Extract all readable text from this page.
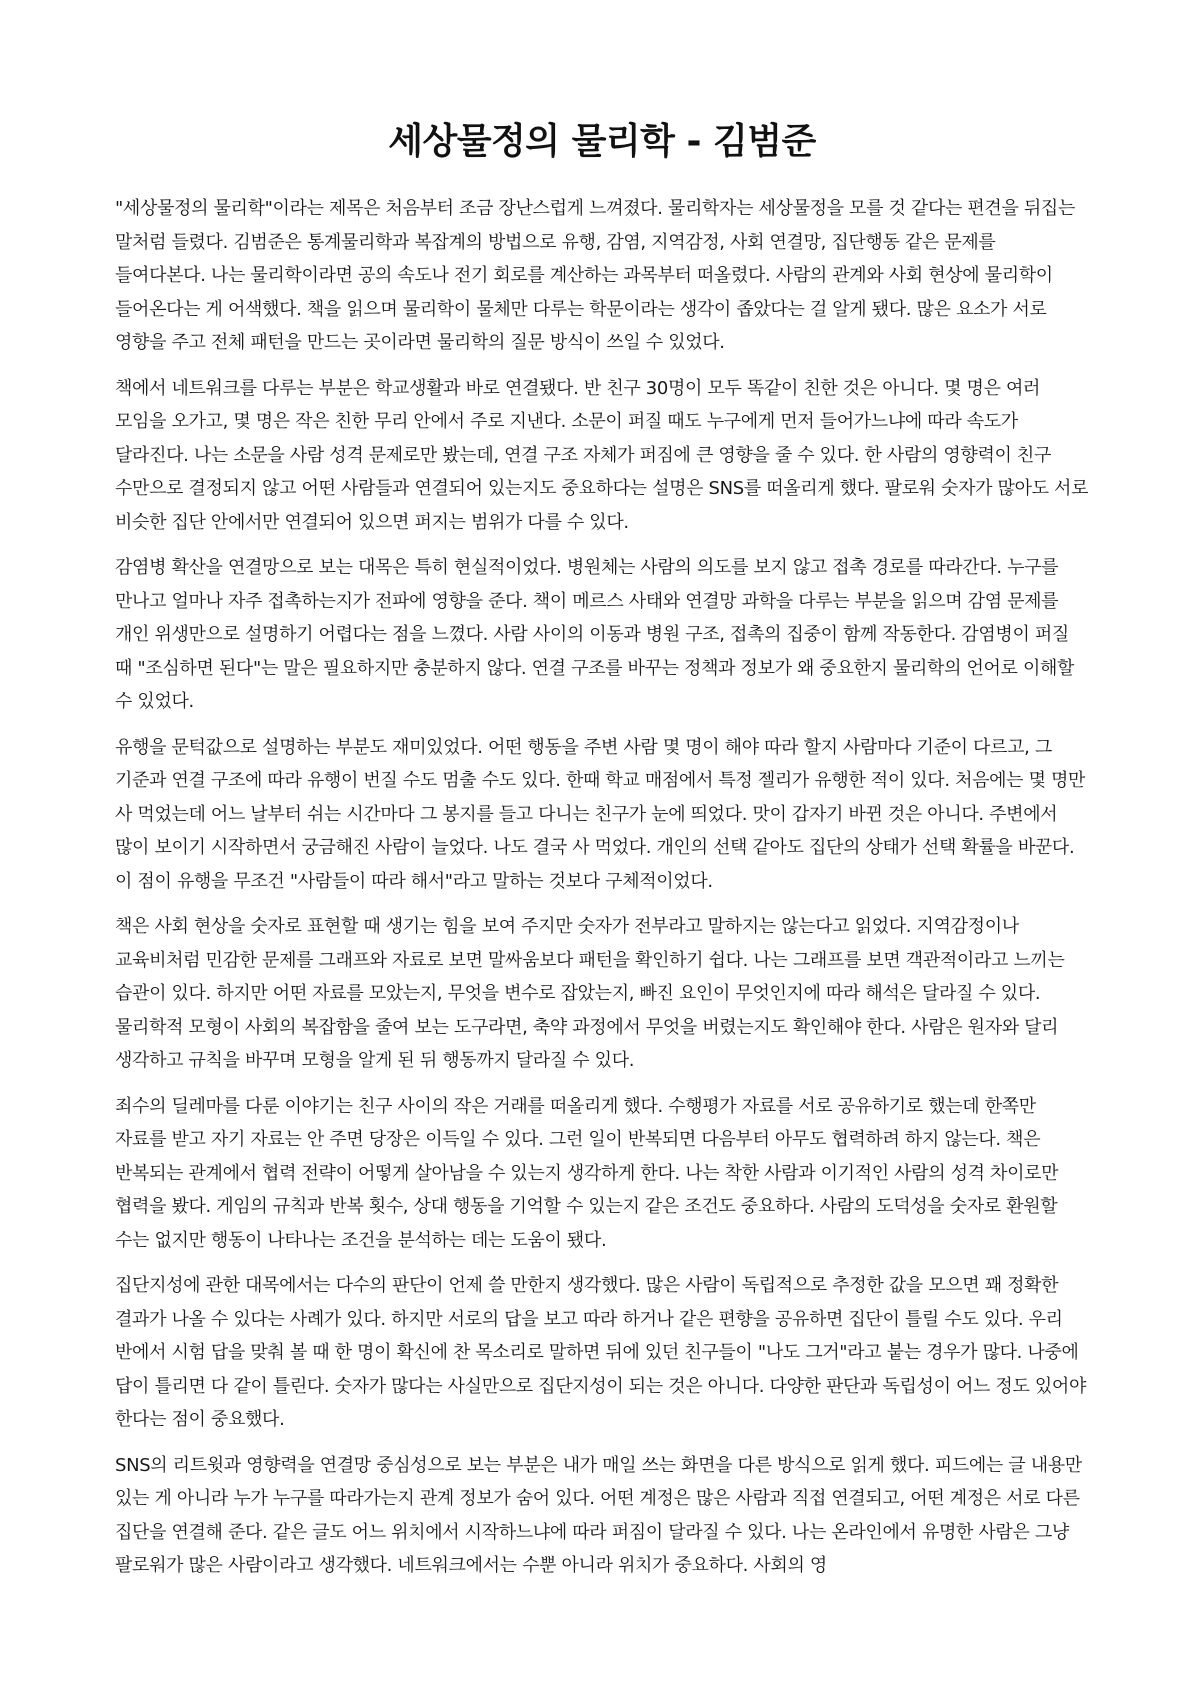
세상물정의 물리학 - 김범준

"세상물정의 물리학"이라는 제목은 처음부터 조금 장난스럽게 느껴졌다. 물리학자는 세상물정을 모를 것 같다는 편견을 뒤집는 말처럼 들렸다. 김범준은 통계물리학과 복잡계의 방법으로 유행, 감염, 지역감정, 사회 연결망, 집단행동 같은 문제를 들여다본다. 나는 물리학이라면 공의 속도나 전기 회로를 계산하는 과목부터 떠올렸다. 사람의 관계와 사회 현상에 물리학이 들어온다는 게 어색했다. 책을 읽으며 물리학이 물체만 다루는 학문이라는 생각이 좁았다는 걸 알게 됐다. 많은 요소가 서로 영향을 주고 전체 패턴을 만드는 곳이라면 물리학의 질문 방식이 쓰일 수 있었다.

책에서 네트워크를 다루는 부분은 학교생활과 바로 연결됐다. 반 친구 30명이 모두 똑같이 친한 것은 아니다. 몇 명은 여러 모임을 오가고, 몇 명은 작은 친한 무리 안에서 주로 지낸다. 소문이 퍼질 때도 누구에게 먼저 들어가느냐에 따라 속도가 달라진다. 나는 소문을 사람 성격 문제로만 봤는데, 연결 구조 자체가 퍼짐에 큰 영향을 줄 수 있다. 한 사람의 영향력이 친구 수만으로 결정되지 않고 어떤 사람들과 연결되어 있는지도 중요하다는 설명은 SNS를 떠올리게 했다. 팔로워 숫자가 많아도 서로 비슷한 집단 안에서만 연결되어 있으면 퍼지는 범위가 다를 수 있다.

감염병 확산을 연결망으로 보는 대목은 특히 현실적이었다. 병원체는 사람의 의도를 보지 않고 접촉 경로를 따라간다. 누구를 만나고 얼마나 자주 접촉하는지가 전파에 영향을 준다. 책이 메르스 사태와 연결망 과학을 다루는 부분을 읽으며 감염 문제를 개인 위생만으로 설명하기 어렵다는 점을 느꼈다. 사람 사이의 이동과 병원 구조, 접촉의 집중이 함께 작동한다. 감염병이 퍼질 때 "조심하면 된다"는 말은 필요하지만 충분하지 않다. 연결 구조를 바꾸는 정책과 정보가 왜 중요한지 물리학의 언어로 이해할 수 있었다.

유행을 문턱값으로 설명하는 부분도 재미있었다. 어떤 행동을 주변 사람 몇 명이 해야 따라 할지 사람마다 기준이 다르고, 그 기준과 연결 구조에 따라 유행이 번질 수도 멈출 수도 있다. 한때 학교 매점에서 특정 젤리가 유행한 적이 있다. 처음에는 몇 명만 사 먹었는데 어느 날부터 쉬는 시간마다 그 봉지를 들고 다니는 친구가 눈에 띄었다. 맛이 갑자기 바뀐 것은 아니다. 주변에서 많이 보이기 시작하면서 궁금해진 사람이 늘었다. 나도 결국 사 먹었다. 개인의 선택 같아도 집단의 상태가 선택 확률을 바꾼다. 이 점이 유행을 무조건 "사람들이 따라 해서"라고 말하는 것보다 구체적이었다.

책은 사회 현상을 숫자로 표현할 때 생기는 힘을 보여 주지만 숫자가 전부라고 말하지는 않는다고 읽었다. 지역감정이나 교육비처럼 민감한 문제를 그래프와 자료로 보면 말싸움보다 패턴을 확인하기 쉽다. 나는 그래프를 보면 객관적이라고 느끼는 습관이 있다. 하지만 어떤 자료를 모았는지, 무엇을 변수로 잡았는지, 빠진 요인이 무엇인지에 따라 해석은 달라질 수 있다. 물리학적 모형이 사회의 복잡함을 줄여 보는 도구라면, 축약 과정에서 무엇을 버렸는지도 확인해야 한다. 사람은 원자와 달리 생각하고 규칙을 바꾸며 모형을 알게 된 뒤 행동까지 달라질 수 있다.

죄수의 딜레마를 다룬 이야기는 친구 사이의 작은 거래를 떠올리게 했다. 수행평가 자료를 서로 공유하기로 했는데 한쪽만 자료를 받고 자기 자료는 안 주면 당장은 이득일 수 있다. 그런 일이 반복되면 다음부터 아무도 협력하려 하지 않는다. 책은 반복되는 관계에서 협력 전략이 어떻게 살아남을 수 있는지 생각하게 한다. 나는 착한 사람과 이기적인 사람의 성격 차이로만 협력을 봤다. 게임의 규칙과 반복 횟수, 상대 행동을 기억할 수 있는지 같은 조건도 중요하다. 사람의 도덕성을 숫자로 환원할 수는 없지만 행동이 나타나는 조건을 분석하는 데는 도움이 됐다.

집단지성에 관한 대목에서는 다수의 판단이 언제 쓸 만한지 생각했다. 많은 사람이 독립적으로 추정한 값을 모으면 꽤 정확한 결과가 나올 수 있다는 사례가 있다. 하지만 서로의 답을 보고 따라 하거나 같은 편향을 공유하면 집단이 틀릴 수도 있다. 우리 반에서 시험 답을 맞춰 볼 때 한 명이 확신에 찬 목소리로 말하면 뒤에 있던 친구들이 "나도 그거"라고 붙는 경우가 많다. 나중에 답이 틀리면 다 같이 틀린다. 숫자가 많다는 사실만으로 집단지성이 되는 것은 아니다. 다양한 판단과 독립성이 어느 정도 있어야 한다는 점이 중요했다.

SNS의 리트윗과 영향력을 연결망 중심성으로 보는 부분은 내가 매일 쓰는 화면을 다른 방식으로 읽게 했다. 피드에는 글 내용만 있는 게 아니라 누가 누구를 따라가는지 관계 정보가 숨어 있다. 어떤 계정은 많은 사람과 직접 연결되고, 어떤 계정은 서로 다른 집단을 연결해 준다. 같은 글도 어느 위치에서 시작하느냐에 따라 퍼짐이 달라질 수 있다. 나는 온라인에서 유명한 사람은 그냥 팔로워가 많은 사람이라고 생각했다. 네트워크에서는 수뿐 아니라 위치가 중요하다. 사회의 영
